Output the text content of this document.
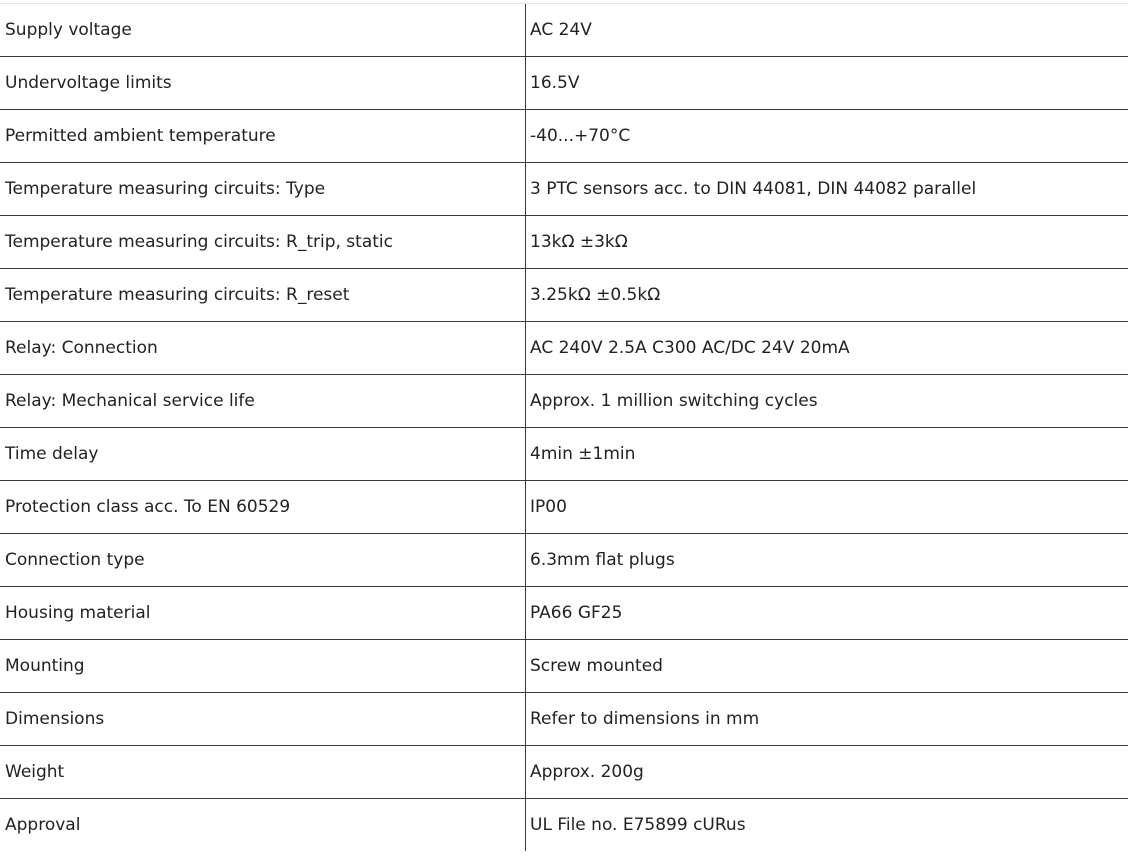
Supply voltage	AC 24V
Undervoltage limits	16.5V
Permitted ambient temperature	-40...+70°C
Temperature measuring circuits: Type	3 PTC sensors acc. to DIN 44081, DIN 44082 parallel
Temperature measuring circuits: R_trip, static	13kΩ ±3kΩ
Temperature measuring circuits: R_reset	3.25kΩ ±0.5kΩ
Relay: Connection	AC 240V 2.5A C300 AC/DC 24V 20mA
Relay: Mechanical service life	Approx. 1 million switching cycles
Time delay	4min ±1min
Protection class acc. To EN 60529	IP00
Connection type	6.3mm flat plugs
Housing material	PA66 GF25
Mounting	Screw mounted
Dimensions	Refer to dimensions in mm
Weight	Approx. 200g
Approval	UL File no. E75899 cURus
